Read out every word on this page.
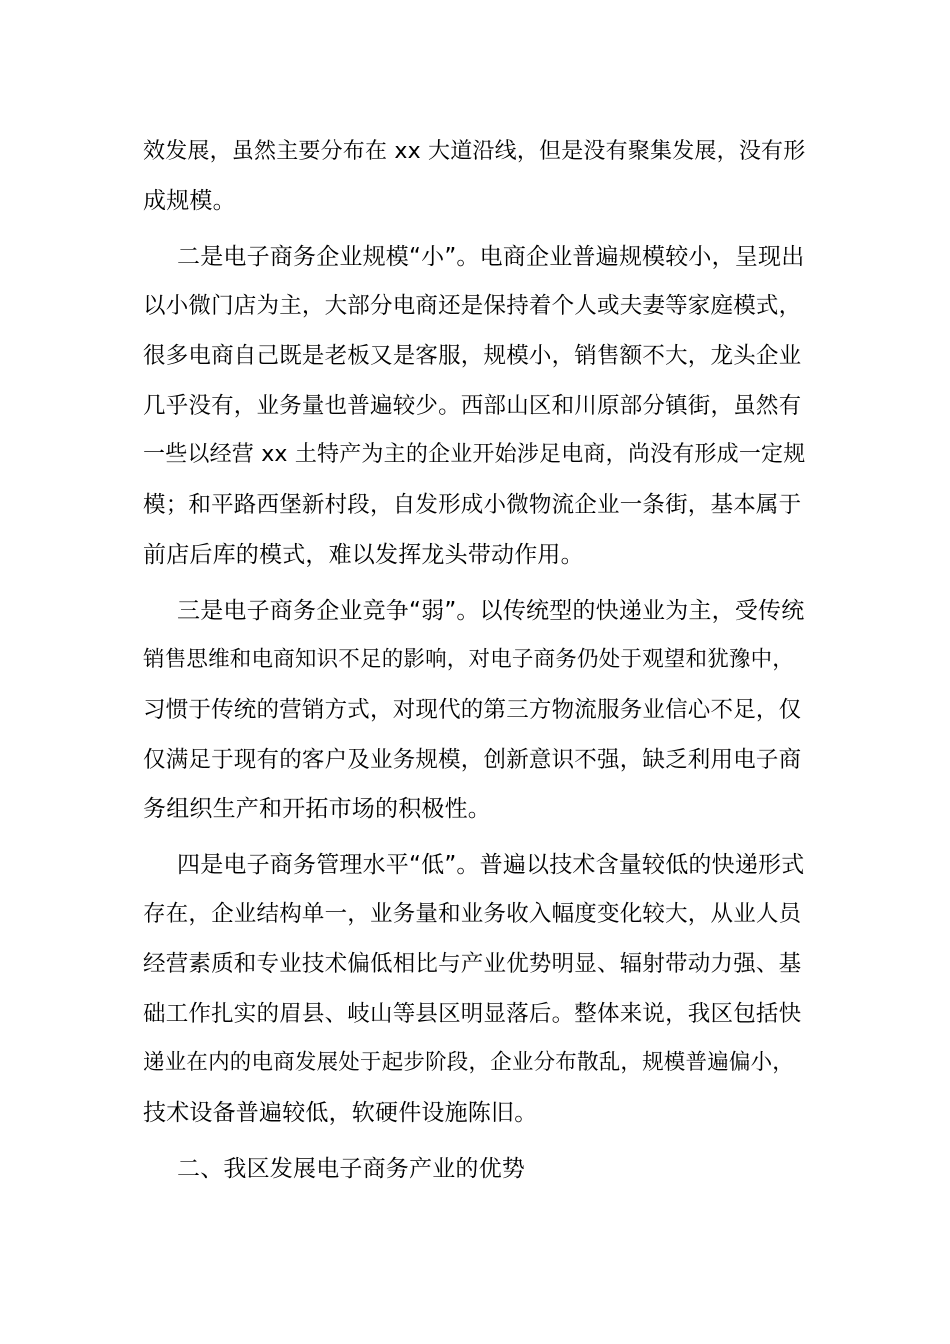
效发展，虽然主要分布在 xx 大道沿线，但是没有聚集发展，没有形

成规模。

二是电子商务企业规模“小”。电商企业普遍规模较小，呈现出

以小微门店为主，大部分电商还是保持着个人或夫妻等家庭模式，

很多电商自己既是老板又是客服，规模小，销售额不大，龙头企业

几乎没有，业务量也普遍较少。西部山区和川原部分镇街，虽然有

一些以经营 xx 土特产为主的企业开始涉足电商，尚没有形成一定规

模；和平路西堡新村段，自发形成小微物流企业一条街，基本属于

前店后库的模式，难以发挥龙头带动作用。

三是电子商务企业竞争“弱”。以传统型的快递业为主，受传统

销售思维和电商知识不足的影响，对电子商务仍处于观望和犹豫中，

习惯于传统的营销方式，对现代的第三方物流服务业信心不足，仅

仅满足于现有的客户及业务规模，创新意识不强，缺乏利用电子商

务组织生产和开拓市场的积极性。

四是电子商务管理水平“低”。普遍以技术含量较低的快递形式

存在，企业结构单一，业务量和业务收入幅度变化较大，从业人员

经营素质和专业技术偏低相比与产业优势明显、辐射带动力强、基

础工作扎实的眉县、岐山等县区明显落后。整体来说，我区包括快

递业在内的电商发展处于起步阶段，企业分布散乱，规模普遍偏小，

技术设备普遍较低，软硬件设施陈旧。

二、我区发展电子商务产业的优势
